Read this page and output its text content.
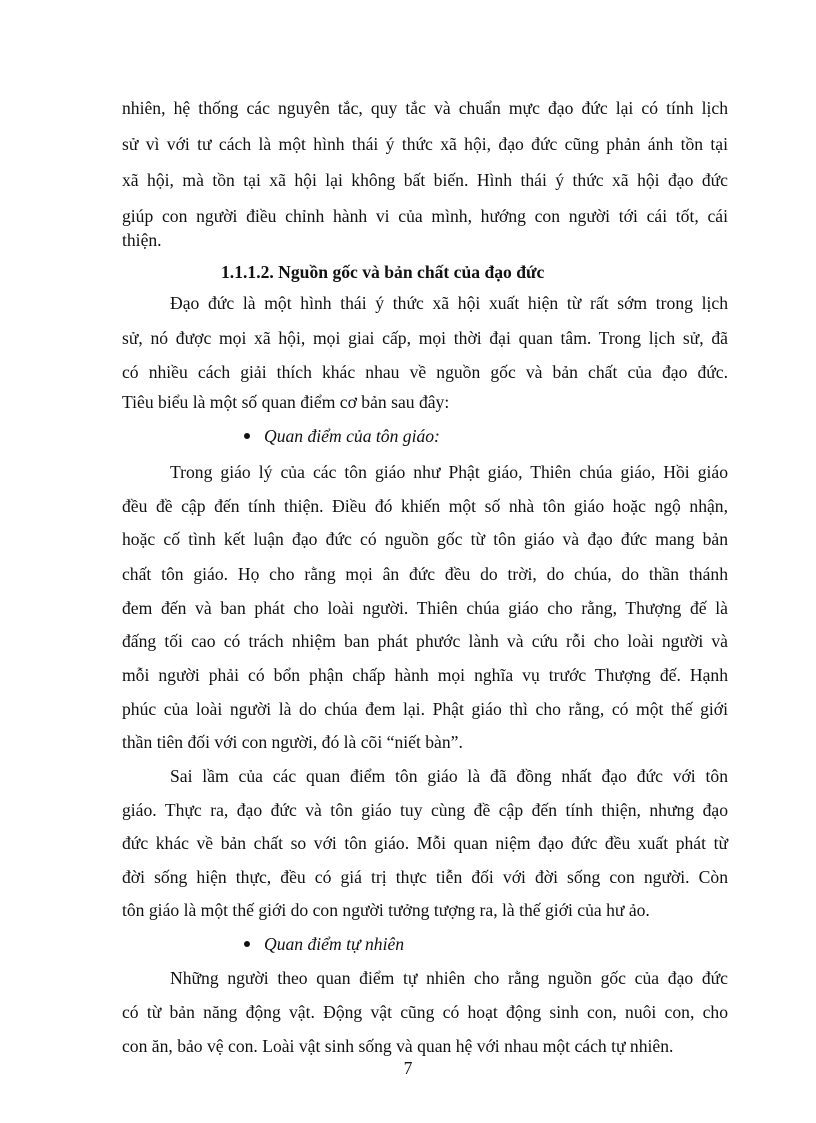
nhiên, hệ thống các nguyên tắc, quy tắc và chuẩn mực đạo đức lại có tính lịch
sử vì với tư cách là một hình thái ý thức xã hội, đạo đức cũng phản ánh tồn tại
xã hội, mà tồn tại xã hội lại không bất biến. Hình thái ý thức xã hội đạo đức
giúp con người điều chỉnh hành vi của mình, hướng con người tới cái tốt, cái
thiện.
1.1.1.2. Nguồn gốc và bản chất của đạo đức
Đạo đức là một hình thái ý thức xã hội xuất hiện từ rất sớm trong lịch
sử, nó được mọi xã hội, mọi giai cấp, mọi thời đại quan tâm. Trong lịch sử, đã
có nhiều cách giải thích khác nhau về nguồn gốc và bản chất của đạo đức.
Tiêu biểu là một số quan điểm cơ bản sau đây:
Quan điểm của tôn giáo:
Trong giáo lý của các tôn giáo như Phật giáo, Thiên chúa giáo, Hồi giáo
đều đề cập đến tính thiện. Điều đó khiến một số nhà tôn giáo hoặc ngộ nhận,
hoặc cố tình kết luận đạo đức có nguồn gốc từ tôn giáo và đạo đức mang bản
chất tôn giáo. Họ cho rằng mọi ân đức đều do trời, do chúa, do thần thánh
đem đến và ban phát cho loài người. Thiên chúa giáo cho rằng, Thượng đế là
đấng tối cao có trách nhiệm ban phát phước lành và cứu rỗi cho loài người và
mỗi người phải có bổn phận chấp hành mọi nghĩa vụ trước Thượng đế. Hạnh
phúc của loài người là do chúa đem lại. Phật giáo thì cho rằng, có một thế giới
thần tiên đối với con người, đó là cõi “niết bàn”.
Sai lầm của các quan điểm tôn giáo là đã đồng nhất đạo đức với tôn
giáo. Thực ra, đạo đức và tôn giáo tuy cùng đề cập đến tính thiện, nhưng đạo
đức khác về bản chất so với tôn giáo. Mỗi quan niệm đạo đức đều xuất phát từ
đời sống hiện thực, đều có giá trị thực tiễn đối với đời sống con người. Còn
tôn giáo là một thế giới do con người tưởng tượng ra, là thế giới của hư ảo.
Quan điểm tự nhiên
Những người theo quan điểm tự nhiên cho rằng nguồn gốc của đạo đức
có từ bản năng động vật. Động vật cũng có hoạt động sinh con, nuôi con, cho
con ăn, bảo vệ con. Loài vật sinh sống và quan hệ với nhau một cách tự nhiên.
7
